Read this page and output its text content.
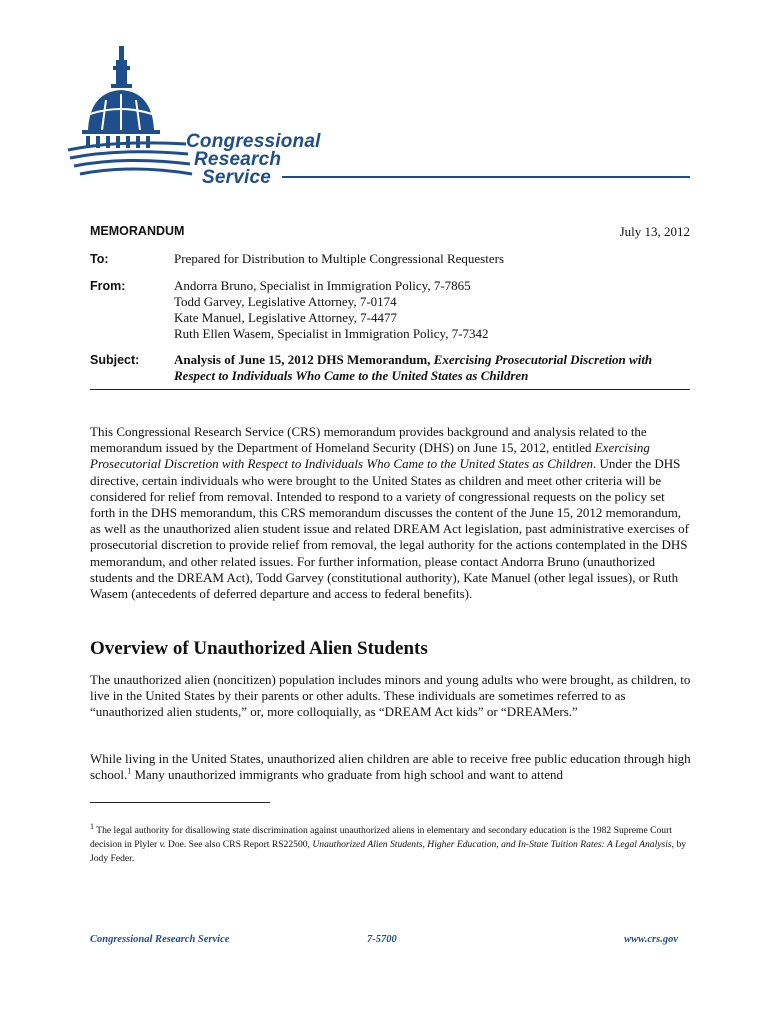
Congressional
Research
Service
MEMORANDUM	July 13, 2012
To:	Prepared for Distribution to Multiple Congressional Requesters
From:	Andorra Bruno, Specialist in Immigration Policy, 7-7865
Todd Garvey, Legislative Attorney, 7-0174
Kate Manuel, Legislative Attorney, 7-4477
Ruth Ellen Wasem, Specialist in Immigration Policy, 7-7342
Subject:	Analysis of June 15, 2012 DHS Memorandum, Exercising Prosecutorial Discretion with
Respect to Individuals Who Came to the United States as Children
This Congressional Research Service (CRS) memorandum provides background and analysis related to the memorandum issued by the Department of Homeland Security (DHS) on June 15, 2012, entitled Exercising Prosecutorial Discretion with Respect to Individuals Who Came to the United States as Children. Under the DHS directive, certain individuals who were brought to the United States as children and meet other criteria will be considered for relief from removal. Intended to respond to a variety of congressional requests on the policy set forth in the DHS memorandum, this CRS memorandum discusses the content of the June 15, 2012 memorandum, as well as the unauthorized alien student issue and related DREAM Act legislation, past administrative exercises of prosecutorial discretion to provide relief from removal, the legal authority for the actions contemplated in the DHS memorandum, and other related issues. For further information, please contact Andorra Bruno (unauthorized students and the DREAM Act), Todd Garvey (constitutional authority), Kate Manuel (other legal issues), or Ruth Wasem (antecedents of deferred departure and access to federal benefits).
Overview of Unauthorized Alien Students
The unauthorized alien (noncitizen) population includes minors and young adults who were brought, as children, to live in the United States by their parents or other adults. These individuals are sometimes referred to as “unauthorized alien students,” or, more colloquially, as “DREAM Act kids” or “DREAMers.”
While living in the United States, unauthorized alien children are able to receive free public education through high school.$^1$ Many unauthorized immigrants who graduate from high school and want to attend
$^1$ The legal authority for disallowing state discrimination against unauthorized aliens in elementary and secondary education is the 1982 Supreme Court decision in Plyler v. Doe. See also CRS Report RS22500, Unauthorized Alien Students, Higher Education, and In-State Tuition Rates: A Legal Analysis, by Jody Feder.
Congressional Research Service	7-5700	www.crs.gov
